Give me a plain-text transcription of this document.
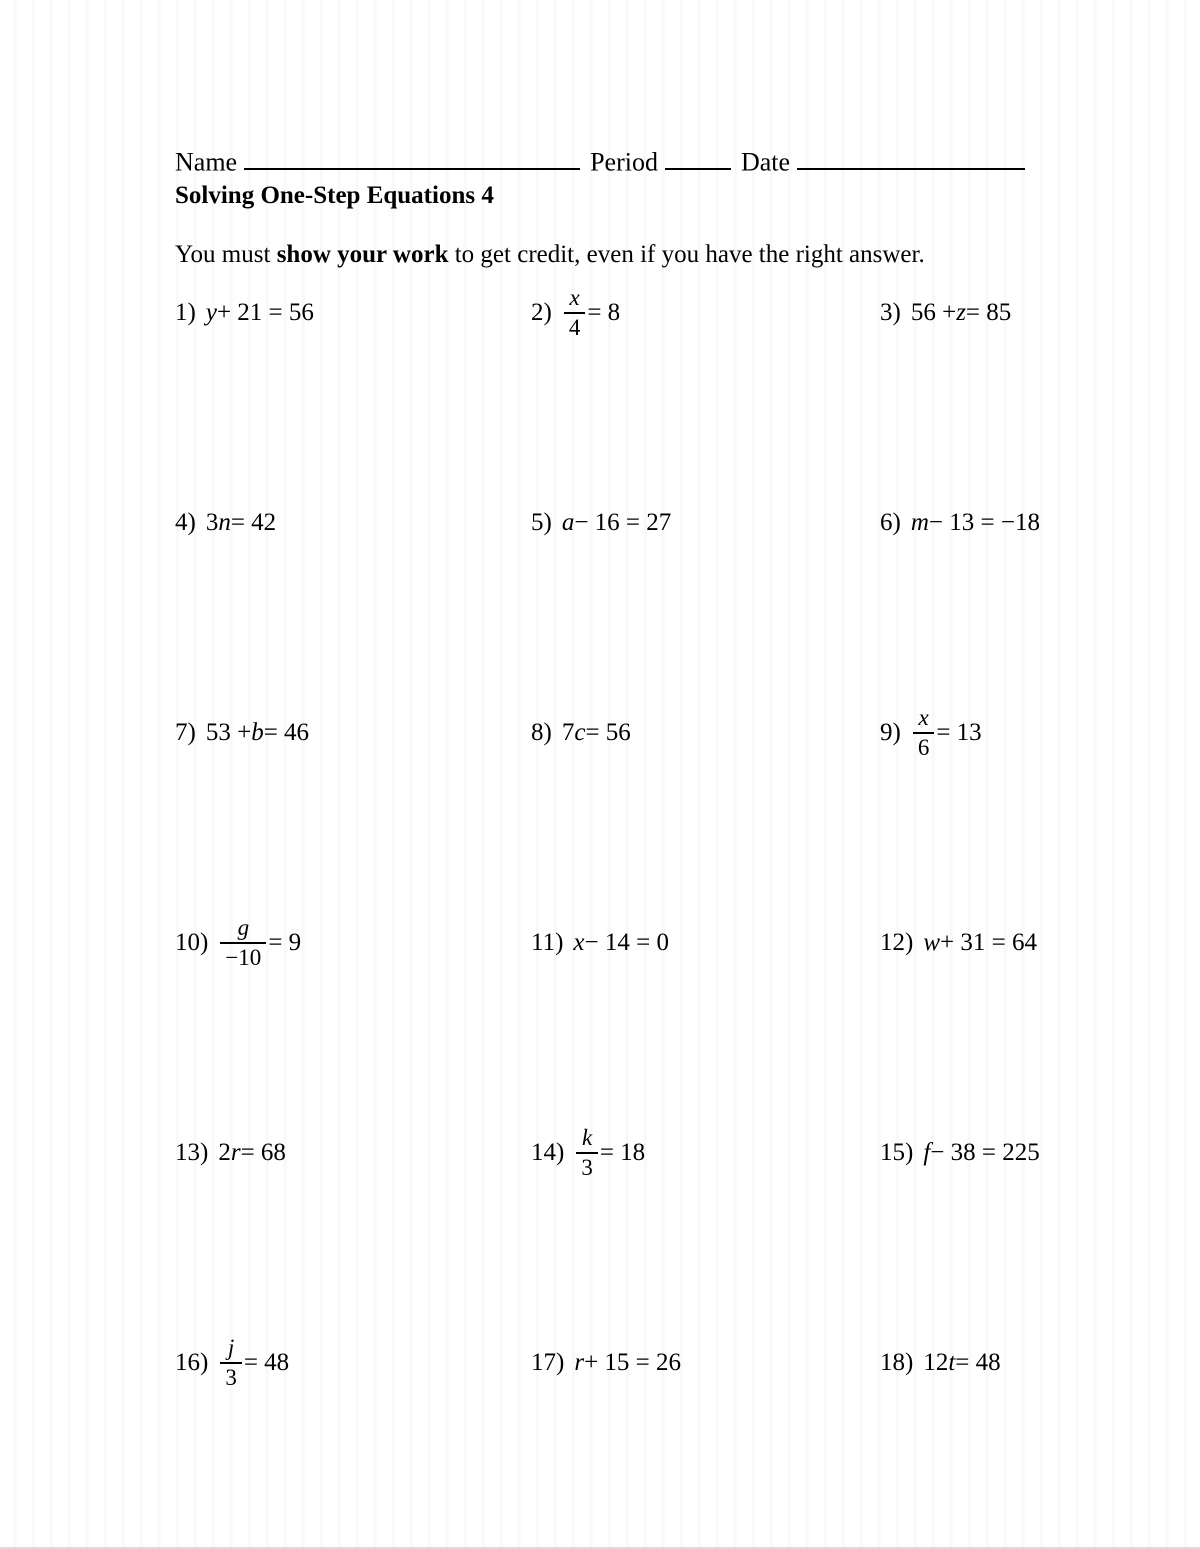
Name	Period	Date
Solving One-Step Equations 4
You must show your work to get credit, even if you have the right answer.
1) y + 21 = 56	$2) \frac{x}{4} = 8$	3) 56 + z = 85
4) 3 n = 42	5) a − 16 = 27	6) m − 13 = −18
7) 53 + b = 46	8) 7 c = 56	$9) \frac{x}{6} = 13$
$10) \frac{g}{-10} = 9$	11) x − 14 = 0	12) w + 31 = 64
13) 2 r = 68	$14) \frac{k}{3} = 18$	15) f − 38 = 225
$16) \frac{j}{3} = 48$	17) r + 15 = 26	18) 12 t = 48
